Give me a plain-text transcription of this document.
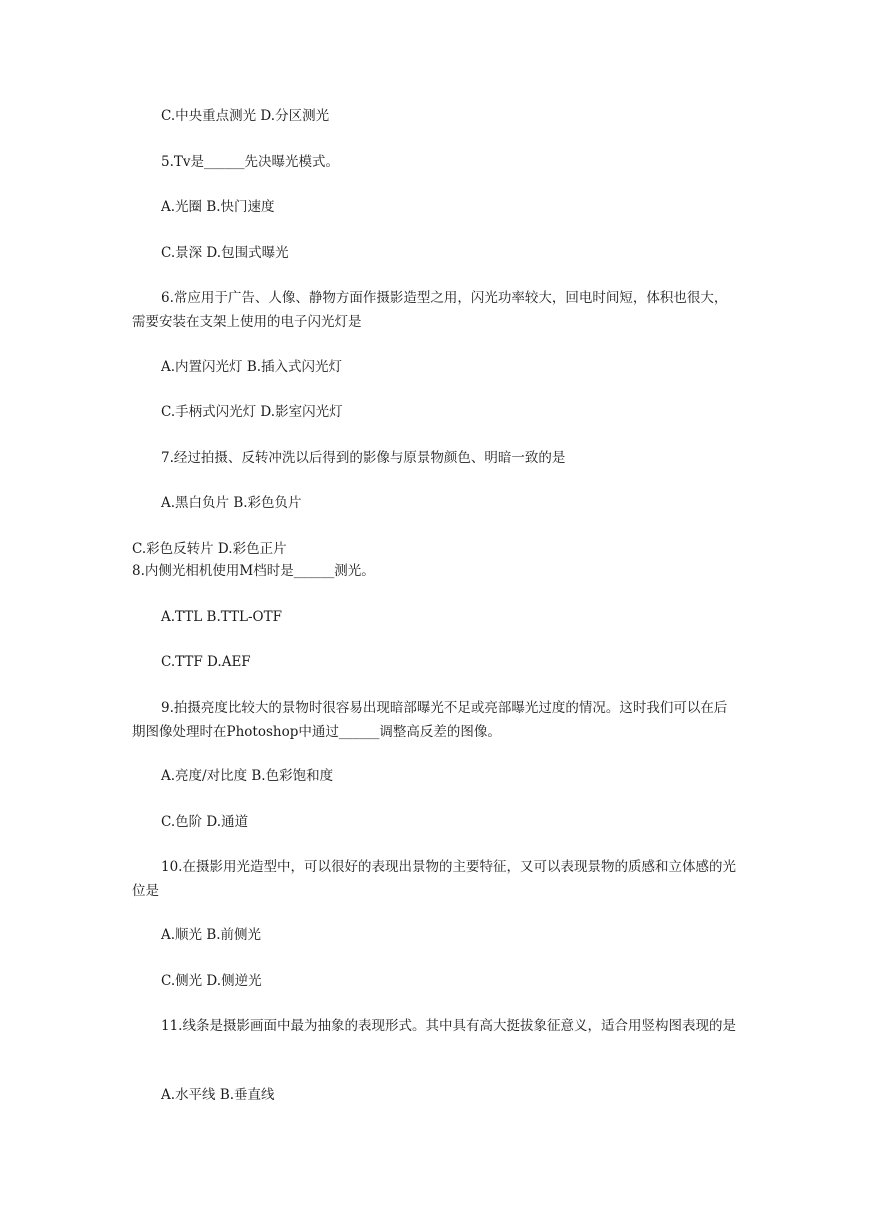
C.中央重点测光 D.分区测光
5.Tv是______先决曝光模式。
A.光圈 B.快门速度
C.景深 D.包围式曝光
6.常应用于广告、人像、静物方面作摄影造型之用，闪光功率较大，回电时间短，体积也很大，需要安装在支架上使用的电子闪光灯是
A.内置闪光灯 B.插入式闪光灯
C.手柄式闪光灯 D.影室闪光灯
7.经过拍摄、反转冲洗以后得到的影像与原景物颜色、明暗一致的是
A.黑白负片 B.彩色负片
C.彩色反转片 D.彩色正片
8.内侧光相机使用M档时是______测光。
A.TTL B.TTL-OTF
C.TTF D.AEF
9.拍摄亮度比较大的景物时很容易出现暗部曝光不足或亮部曝光过度的情况。这时我们可以在后期图像处理时在Photoshop中通过______调整高反差的图像。
A.亮度/对比度 B.色彩饱和度
C.色阶 D.通道
10.在摄影用光造型中，可以很好的表现出景物的主要特征，又可以表现景物的质感和立体感的光位是
A.顺光 B.前侧光
C.侧光 D.侧逆光
11.线条是摄影画面中最为抽象的表现形式。其中具有高大挺拔象征意义，适合用竖构图表现的是
A.水平线 B.垂直线
